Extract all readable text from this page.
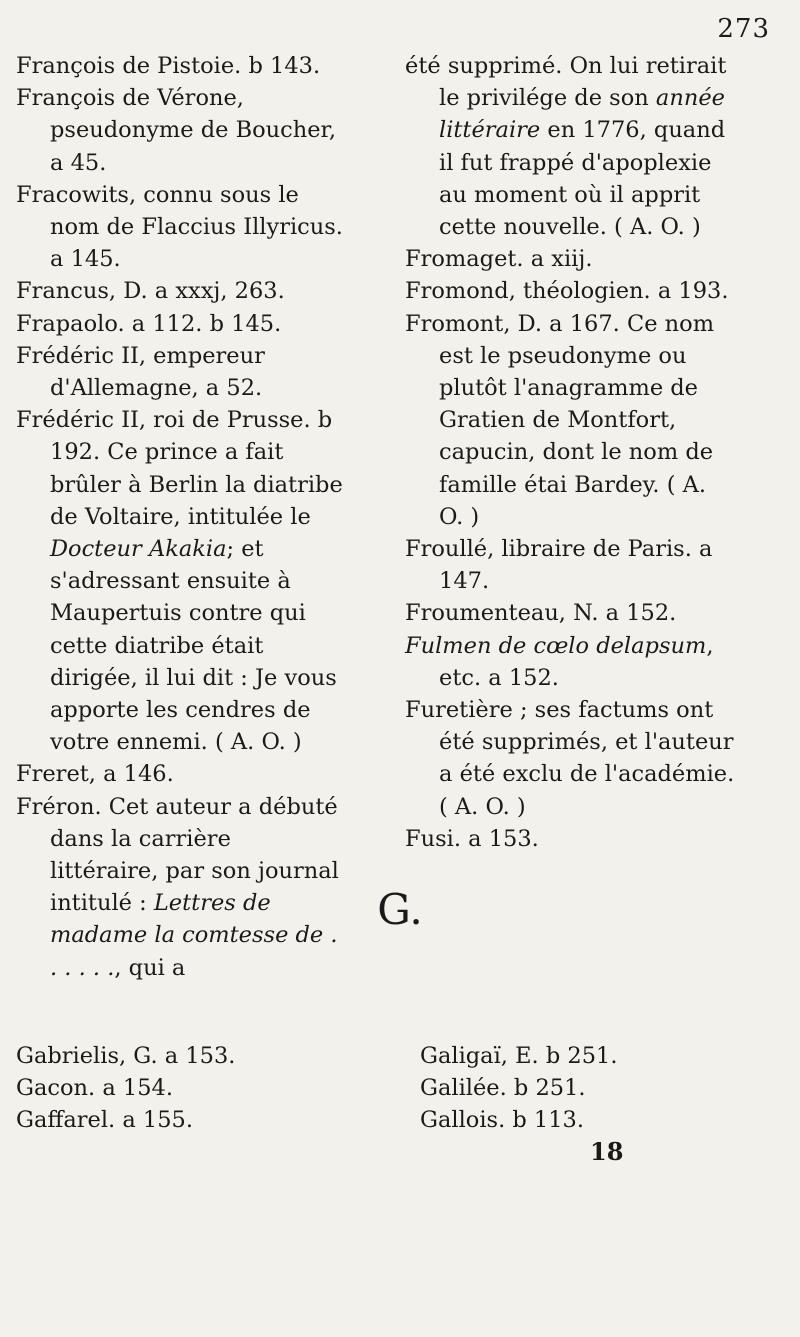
273

François de Pistoie. b 143.

François de Vérone, pseudonyme de Boucher, a 45.

Fracowits, connu sous le nom de Flaccius Illyricus. a 145.

Francus, D. a xxxj, 263.

Frapaolo. a 112. b 145.

Frédéric II, empereur d'Allemagne, a 52.

Frédéric II, roi de Prusse. b 192. Ce prince a fait brûler à Berlin la diatribe de Voltaire, intitulée le Docteur Akakia; et s'adressant ensuite à Maupertuis contre qui cette diatribe était dirigée, il lui dit : Je vous apporte les cendres de votre ennemi. ( A. O. )

Freret, a 146.

Fréron. Cet auteur a débuté dans la carrière littéraire, par son journal intitulé : Lettres de madame la comtesse de . . . . . ., qui a

été supprimé. On lui retirait le privilége de son année littéraire en 1776, quand il fut frappé d'apoplexie au moment où il apprit cette nouvelle. ( A. O. )

Fromaget. a xiij.

Fromond, théologien. a 193.

Fromont, D. a 167. Ce nom est le pseudonyme ou plutôt l'anagramme de Gratien de Montfort, capucin, dont le nom de famille étai Bardey. ( A. O. )

Froullé, libraire de Paris. a 147.

Froumenteau, N. a 152.

Fulmen de cœlo delapsum, etc. a 152.

Furetière ; ses factums ont été supprimés, et l'auteur a été exclu de l'académie. ( A. O. )

Fusi. a 153.

G.

Gabrielis, G. a 153.

Gacon. a 154.

Gaffarel. a 155.

Galigaï, E. b 251.

Galilée. b 251.

Gallois. b 113.

18
